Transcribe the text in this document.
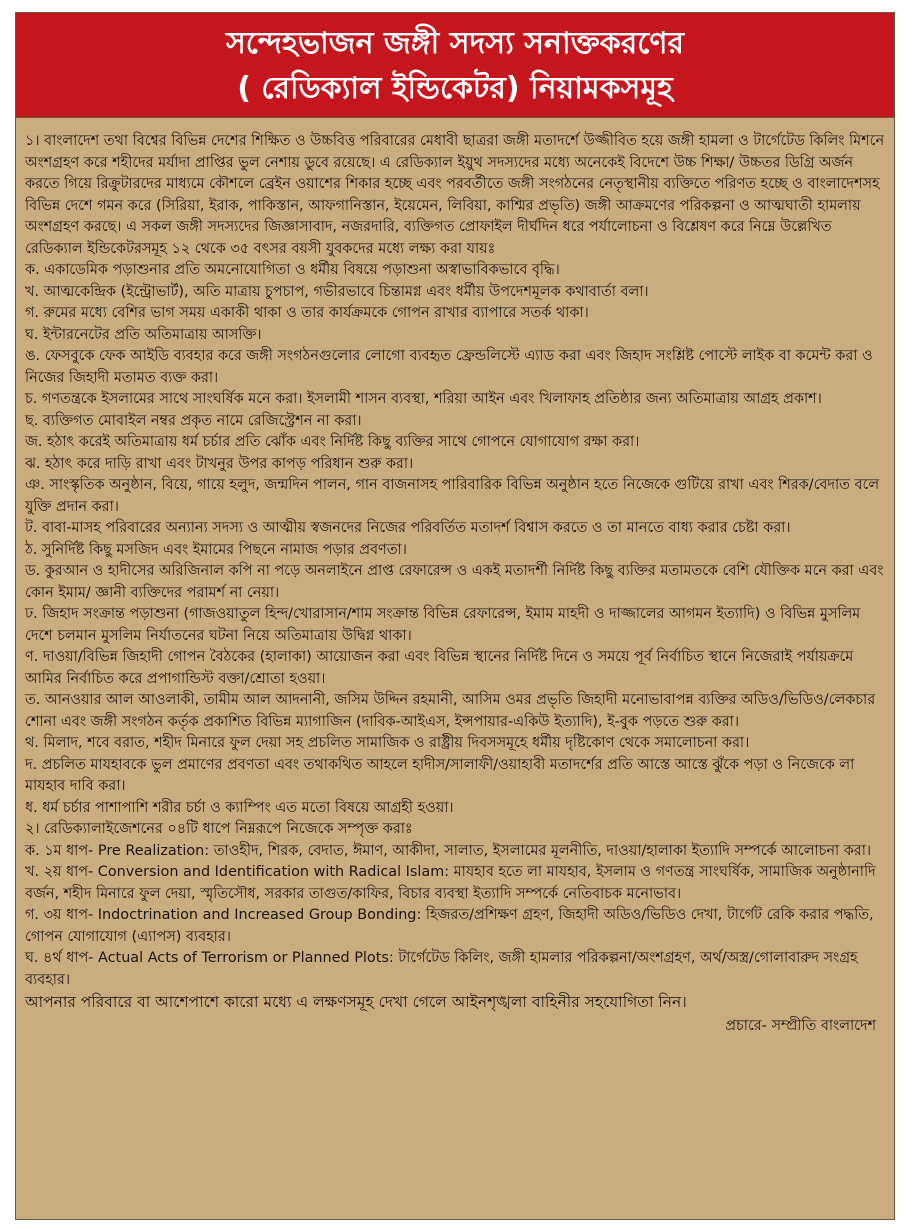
সন্দেহভাজন জঙ্গী সদস্য সনাক্তকরণের
( রেডিক্যাল ইন্ডিকেটর) নিয়ামকসমূহ

১। বাংলাদেশ তথা বিশ্বের বিভিন্ন দেশের শিক্ষিত ও উচ্চবিত্ত পরিবারের মেধাবী ছাত্ররা জঙ্গী মতাদর্শে উজ্জীবিত হয়ে জঙ্গী হামলা ও টার্গেটেড কিলিং মিশনে অংশগ্রহণ করে শহীদের মর্যাদা প্রাপ্তির ভুল নেশায় ডুবে রয়েছে। এ রেডিক্যাল ইয়ুথ সদস্যদের মধ্যে অনেকেই বিদেশে উচ্চ শিক্ষা/ উচ্চতর ডিগ্রি অর্জন করতে গিয়ে রিক্রুটারদের মাধ্যমে কৌশলে ব্রেইন ওয়াশের শিকার হচ্ছে এবং পরবর্তীতে জঙ্গী সংগঠনের নেতৃস্থানীয় ব্যক্তিতে পরিণত হচ্ছে ও বাংলাদেশসহ বিভিন্ন দেশে গমন করে (সিরিয়া, ইরাক, পাকিস্তান, আফগানিস্তান, ইয়েমেন, লিবিয়া, কাশ্মির প্রভৃতি) জঙ্গী আক্রমণের পরিকল্পনা ও আত্মঘাতী হামলায় অংশগ্রহণ করছে। এ সকল জঙ্গী সদস্যদের জিজ্ঞাসাবাদ, নজরদারি, ব্যক্তিগত প্রোফাইল দীর্ঘদিন ধরে পর্যালোচনা ও বিশ্লেষণ করে নিম্নে উল্লেখিত রেডিক্যাল ইন্ডিকেটরসমূহ ১২ থেকে ৩৫ বৎসর বয়সী যুবকদের মধ্যে লক্ষ্য করা যায়ঃ

ক. একাডেমিক পড়াশুনার প্রতি অমনোযোগিতা ও ধর্মীয় বিষয়ে পড়াশুনা অস্বাভাবিকভাবে বৃদ্ধি।

খ. আত্মকেন্দ্রিক (ইন্ট্রোভার্ট), অতি মাত্রায় চুপচাপ, গভীরভাবে চিন্তামগ্ন এবং ধর্মীয় উপদেশমূলক কথাবার্তা বলা।

গ. রুমের মধ্যে বেশির ভাগ সময় একাকী থাকা ও তার কার্যক্রমকে গোপন রাখার ব্যাপারে সতর্ক থাকা।

ঘ. ইন্টারনেটের প্রতি অতিমাত্রায় আসক্তি।

ঙ. ফেসবুকে ফেক আইডি ব্যবহার করে জঙ্গী সংগঠনগুলোর লোগো ব্যবহৃত ফ্রেন্ডলিস্টে এ্যাড করা এবং জিহাদ সংশ্লিষ্ট পোস্টে লাইক বা কমেন্ট করা ও নিজের জিহাদী মতামত ব্যক্ত করা।

চ. গণতন্ত্রকে ইসলামের সাথে সাংঘর্ষিক মনে করা। ইসলামী শাসন ব্যবস্থা, শরিয়া আইন এবং খিলাফাহ প্রতিষ্ঠার জন্য অতিমাত্রায় আগ্রহ প্রকাশ।

ছ. ব্যক্তিগত মোবাইল নম্বর প্রকৃত নামে রেজিস্ট্রেশন না করা।

জ. হঠাৎ করেই অতিমাত্রায় ধর্ম চর্চার প্রতি ঝোঁক এবং নির্দিষ্ট কিছু ব্যক্তির সাথে গোপনে যোগাযোগ রক্ষা করা।

ঝ. হঠাৎ করে দাড়ি রাখা এবং টাখনুর উপর কাপড় পরিধান শুরু করা।

ঞ. সাংস্কৃতিক অনুষ্ঠান, বিয়ে, গায়ে হলুদ, জন্মদিন পালন, গান বাজনাসহ পারিবারিক বিভিন্ন অনুষ্ঠান হতে নিজেকে গুটিয়ে রাখা এবং শিরক/বেদাত বলে যুক্তি প্রদান করা।

ট. বাবা-মাসহ পরিবারের অন্যান্য সদস্য ও আত্মীয় স্বজনদের নিজের পরিবর্তিত মতাদর্শ বিশ্বাস করতে ও তা মানতে বাধ্য করার চেষ্টা করা।

ঠ. সুনির্দিষ্ট কিছু মসজিদ এবং ইমামের পিছনে নামাজ পড়ার প্রবণতা।

ড. কুরআন ও হাদীসের অরিজিনাল কপি না পড়ে অনলাইনে প্রাপ্ত রেফারেন্স ও একই মতাদর্শী নির্দিষ্ট কিছু ব্যক্তির মতামতকে বেশি যৌক্তিক মনে করা এবং কোন ইমাম/ জ্ঞানী ব্যক্তিদের পরামর্শ না নেয়া।

ঢ. জিহাদ সংক্রান্ত পড়াশুনা (গাজওয়াতুল হিন্দ/খোরাসান/শাম সংক্রান্ত বিভিন্ন রেফারেন্স, ইমাম মাহদী ও দাজ্জালের আগমন ইত্যাদি) ও বিভিন্ন মুসলিম দেশে চলমান মুসলিম নির্যাতনের ঘটনা নিয়ে অতিমাত্রায় উদ্বিগ্ন থাকা।

ণ. দাওয়া/বিভিন্ন জিহাদী গোপন বৈঠকের (হালাকা) আয়োজন করা এবং বিভিন্ন স্থানের নির্দিষ্ট দিনে ও সময়ে পূর্ব নির্বাচিত স্থানে নিজেরাই পর্যায়ক্রমে আমির নির্বাচিত করে প্রপাগান্ডিস্ট বক্তা/শ্রোতা হওয়া।

ত. আনওয়ার আল আওলাকী, তামীম আল আদনানী, জসিম উদ্দিন রহমানী, আসিম ওমর প্রভৃতি জিহাদী মনোভাবাপন্ন ব্যক্তির অডিও/ভিডিও/লেকচার শোনা এবং জঙ্গী সংগঠন কর্তৃক প্রকাশিত বিভিন্ন ম্যাগাজিন (দাবিক-আইএস, ইন্সপায়ার-একিউ ইত্যাদি), ই-বুক পড়তে শুরু করা।

থ. মিলাদ, শবে বরাত, শহীদ মিনারে ফুল দেয়া সহ প্রচলিত সামাজিক ও রাষ্ট্রীয় দিবসসমূহে ধর্মীয় দৃষ্টিকোণ থেকে সমালোচনা করা।

দ. প্রচলিত মাযহাবকে ভুল প্রমাণের প্রবণতা এবং তথাকথিত আহলে হাদীস/সালাফী/ওয়াহাবী মতাদর্শের প্রতি আস্তে আস্তে ঝুঁকে পড়া ও নিজেকে লা মাযহাব দাবি করা।

ধ. ধর্ম চর্চার পাশাপাশি শরীর চর্চা ও ক্যাম্পিং এত মতো বিষয়ে আগ্রহী হওয়া।

২। রেডিক্যালাইজেশনের ০৪টি ধাপে নিম্নরূপে নিজেকে সম্পৃক্ত করাঃ

ক. ১ম ধাপ- Pre Realization: তাওহীদ, শিরক, বেদাত, ঈমাণ, আকীদা, সালাত, ইসলামের মূলনীতি, দাওয়া/হালাকা ইত্যাদি সম্পর্কে আলোচনা করা।

খ. ২য় ধাপ- Conversion and Identification with Radical Islam: মাযহাব হতে লা মাযহাব, ইসলাম ও গণতন্ত্র সাংঘর্ষিক, সামাজিক অনুষ্ঠানাদি বর্জন, শহীদ মিনারে ফুল দেয়া, স্মৃতিসৌধ, সরকার তাগুত/কাফির, বিচার ব্যবস্থা ইত্যাদি সম্পর্কে নেতিবাচক মনোভাব।

গ. ৩য় ধাপ- Indoctrination and Increased Group Bonding: হিজরত/প্রশিক্ষণ গ্রহণ, জিহাদী অডিও/ভিডিও দেখা, টার্গেট রেকি করার পদ্ধতি, গোপন যোগাযোগ (এ্যাপস) ব্যবহার।

ঘ. ৪র্থ ধাপ- Actual Acts of Terrorism or Planned Plots: টার্গেটেড কিলিং, জঙ্গী হামলার পরিকল্পনা/অংশগ্রহণ, অর্থ/অস্ত্র/গোলাবারুদ সংগ্রহ ব্যবহার।

আপনার পরিবারে বা আশেপাশে কারো মধ্যে এ লক্ষণসমূহ দেখা গেলে আইনশৃঙ্খলা বাহিনীর সহযোগিতা নিন।

প্রচারে- সম্প্রীতি বাংলাদেশ
